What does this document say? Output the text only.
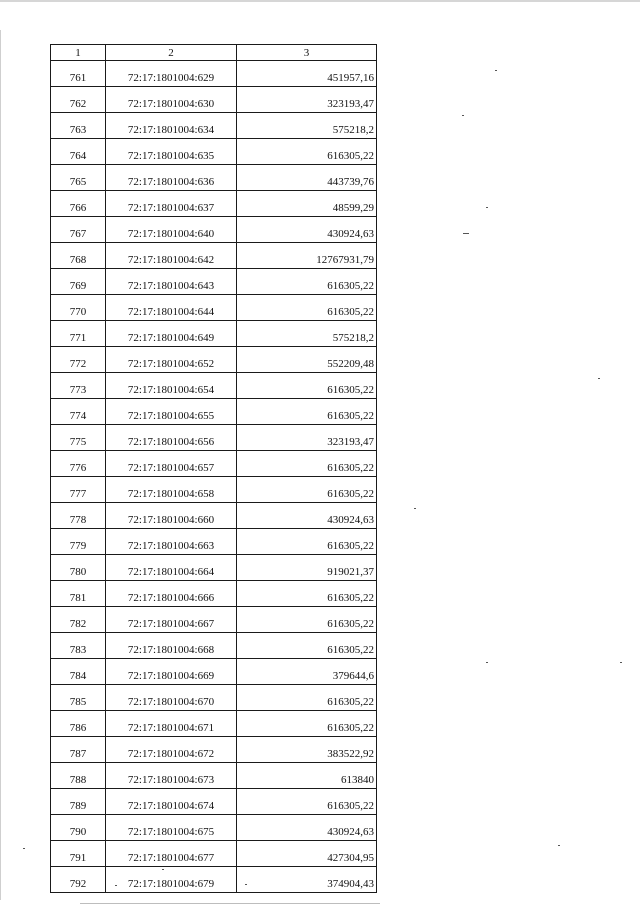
1	2	3
761	72:17:1801004:629	451957,16
762	72:17:1801004:630	323193,47
763	72:17:1801004:634	575218,2
764	72:17:1801004:635	616305,22
765	72:17:1801004:636	443739,76
766	72:17:1801004:637	48599,29
767	72:17:1801004:640	430924,63
768	72:17:1801004:642	12767931,79
769	72:17:1801004:643	616305,22
770	72:17:1801004:644	616305,22
771	72:17:1801004:649	575218,2
772	72:17:1801004:652	552209,48
773	72:17:1801004:654	616305,22
774	72:17:1801004:655	616305,22
775	72:17:1801004:656	323193,47
776	72:17:1801004:657	616305,22
777	72:17:1801004:658	616305,22
778	72:17:1801004:660	430924,63
779	72:17:1801004:663	616305,22
780	72:17:1801004:664	919021,37
781	72:17:1801004:666	616305,22
782	72:17:1801004:667	616305,22
783	72:17:1801004:668	616305,22
784	72:17:1801004:669	379644,6
785	72:17:1801004:670	616305,22
786	72:17:1801004:671	616305,22
787	72:17:1801004:672	383522,92
788	72:17:1801004:673	613840
789	72:17:1801004:674	616305,22
790	72:17:1801004:675	430924,63
791	72:17:1801004:677	427304,95
792	72:17:1801004:679	374904,43
